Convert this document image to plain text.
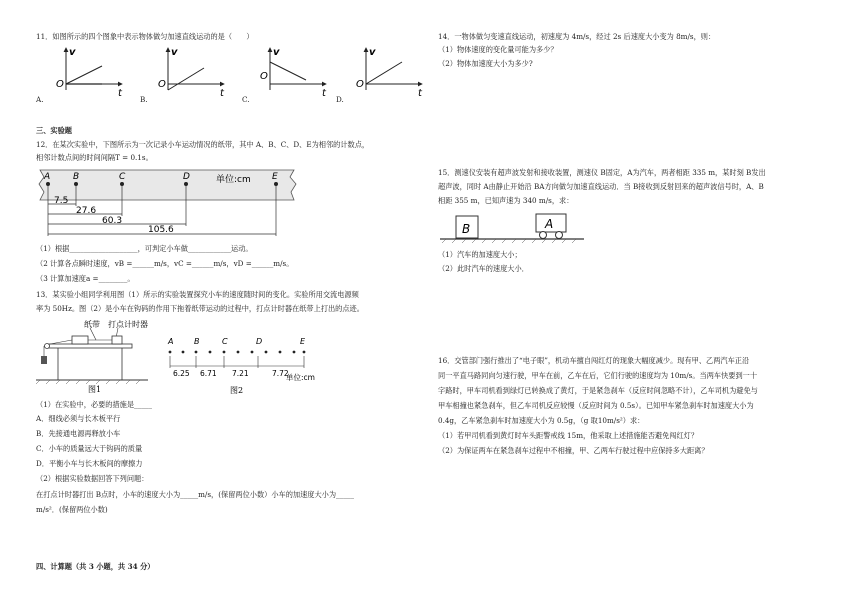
11．如图所示的四个图象中表示物体做匀加速直线运动的是（　　）
v
O
t
v
O
t
v
O
t
v
O
t
A.	B.	C.	D.
三、实验题
12．在某次实验中，下图所示为一次记录小车运动情况的纸带，其中 A、B、C、D、E为相邻的计数点，
相邻计数点间的时间间隔T = 0.1s。
A	B	C	D	E
单位:cm
7.5
27.6
60.3
105.6
（1）根据___________________，可判定小车做____________运动。
（2 计算各点瞬时速度，vB =______m/s，vC =______m/s，vD =______m/s。
（3 计算加速度a =________。
13．某实验小组同学利用图（1）所示的实验装置探究小车的速度随时间的变化。实验所用交流电源频
率为 50Hz。图（2）是小车在钩码的作用下拖着纸带运动的过程中，打点计时器在纸带上打出的点迹。
纸带 打点计时器
图1
A	B	C	D	E
6.25 6.71 7.21	7.72
单位:cm
图2
（1）在实验中，必要的措施是_____
A．细线必须与长木板平行
B．先接通电源再释放小车
C．小车的质量远大于钩码的质量
D．平衡小车与长木板间的摩擦力
（2）根据实验数据回答下列问题：
在打点计时器打出 B点时，小车的速度大小为_____m/s，(保留两位小数）小车的加速度大小为_____
m/s²．(保留两位小数)
四、计算题（共 3 小题，共 34 分）
14．一物体做匀变速直线运动，初速度为 4m/s，经过 2s 后速度大小变为 8m/s，则：
（1）物体速度的变化量可能为多少？
（2）物体加速度大小为多少?
15．测速仪安装有超声波发射和接收装置，测速仪 B固定，A为汽车，两者相距 335 m，某时刻 B发出
超声波，同时 A由静止开始沿 BA方向做匀加速直线运动．当 B接收到反射回来的超声波信号时，A、B
相距 355 m，已知声速为 340 m/s，求：
B	A
（1）汽车的加速度大小；
（2）此时汽车的速度大小．
16．交管部门强行推出了“电子眼”，机动车擅自闯红灯的现象大幅度减少。现有甲、乙两汽车正沿
同一平直马路同向匀速行驶，甲车在前，乙车在后，它们行驶的速度均为 10m/s。当两车快要到一十
字路时，甲车司机看到绿灯已转换成了黄灯，于是紧急刹车（反应时间忽略不计），乙车司机为避免与
甲车相撞也紧急刹车，但乙车司机反应较慢（反应时间为 0.5s）。已知甲车紧急刹车时加速度大小为
0.4g，乙车紧急刹车时加速度大小为 0.5g，（g 取10m/s²）求：
（1）若甲司机看到黄灯时车头距警戒线 15m，他采取上述措施能否避免闯红灯？
（2）为保证两车在紧急刹车过程中不相撞，甲、乙两车行驶过程中应保持多大距离？
